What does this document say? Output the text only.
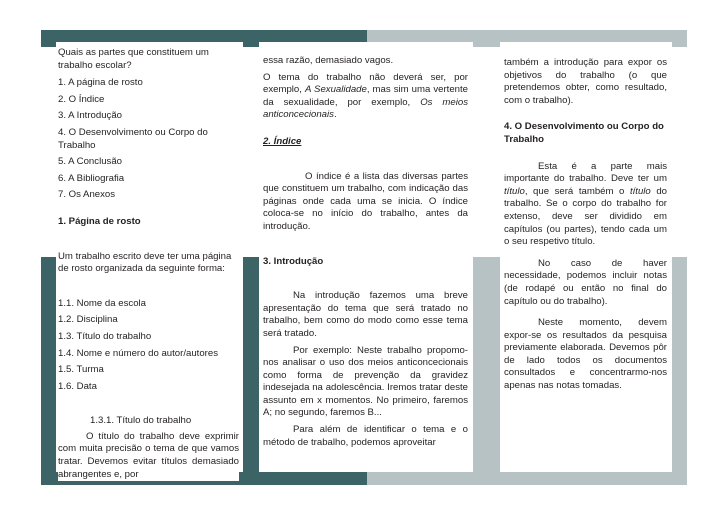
Quais as partes que constituem um trabalho escolar?

1. A página de rosto

2. O Índice

3. A Introdução

4. O Desenvolvimento ou Corpo do Trabalho

5. A Conclusão

6. A Bibliografia

7. Os Anexos

1. Página de rosto

Um trabalho escrito deve ter uma página de rosto organizada da seguinte forma:

1.1. Nome da escola

1.2. Disciplina

1.3. Título do trabalho

1.4. Nome e número do autor/autores

1.5. Turma

1.6. Data

1.3.1. Título do trabalho

O título do trabalho deve exprimir com muita precisão o tema de que vamos tratar. Devemos evitar títulos demasiado abrangentes e, por

essa razão, demasiado vagos.

O tema do trabalho não deverá ser, por exemplo, A Sexualidade, mas sim uma vertente da sexualidade, por exemplo, Os meios anticoncecionais.

2. Índice

O índice é a lista das diversas partes que constituem um trabalho, com indicação das páginas onde cada uma se inicia. O índice coloca-se no início do trabalho, antes da introdução.

3. Introdução

Na introdução fazemos uma breve apresentação do tema que será tratado no trabalho, bem como do modo como esse tema será tratado.

Por exemplo: Neste trabalho propomo-nos analisar o uso dos meios anticoncecionais como forma de prevenção da gravidez indesejada na adolescência. Iremos tratar deste assunto em x momentos. No primeiro, faremos A; no segundo, faremos B...

Para além de identificar o tema e o método de trabalho, podemos aproveitar

também a introdução para expor os objetivos do trabalho (o que pretendemos obter, como resultado, com o trabalho).

4. O Desenvolvimento ou Corpo do Trabalho

Esta é a parte mais importante do trabalho. Deve ter um título, que será também o título do trabalho. Se o corpo do trabalho for extenso, deve ser dividido em capítulos (ou partes), tendo cada um o seu respetivo título.

No caso de haver necessidade, podemos incluir notas (de rodapé ou então no final do capítulo ou do trabalho).

Neste momento, devem expor-se os resultados da pesquisa previamente elaborada. Devemos pôr de lado todos os documentos consultados e concentrarmo-nos apenas nas notas tomadas.
